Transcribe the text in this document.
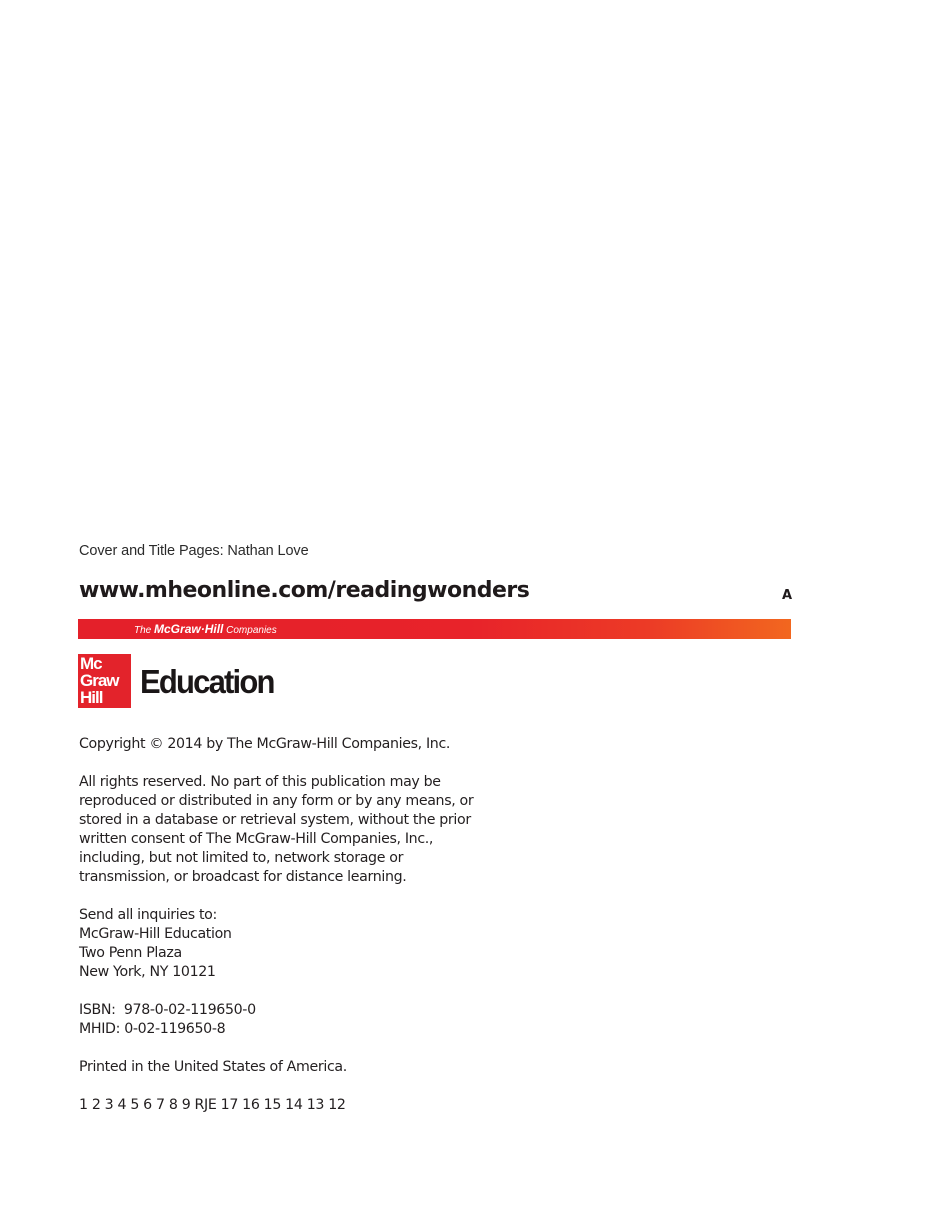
Cover and Title Pages: Nathan Love
www.mheonline.com/readingwonders	A
The McGraw·Hill Companies
Mc
Graw
Hill Education
Copyright © 2014 by The McGraw-Hill Companies, Inc.

All rights reserved. No part of this publication may be

reproduced or distributed in any form or by any means, or

stored in a database or retrieval system, without the prior

written consent of The McGraw-Hill Companies, Inc.,

including, but not limited to, network storage or

transmission, or broadcast for distance learning.

Send all inquiries to:

McGraw-Hill Education

Two Penn Plaza

New York, NY 10121

ISBN:  978-0-02-119650-0

MHID: 0-02-119650-8

Printed in the United States of America.
1 2 3 4 5 6 7 8 9 RJE 17 16 15 14 13 12
